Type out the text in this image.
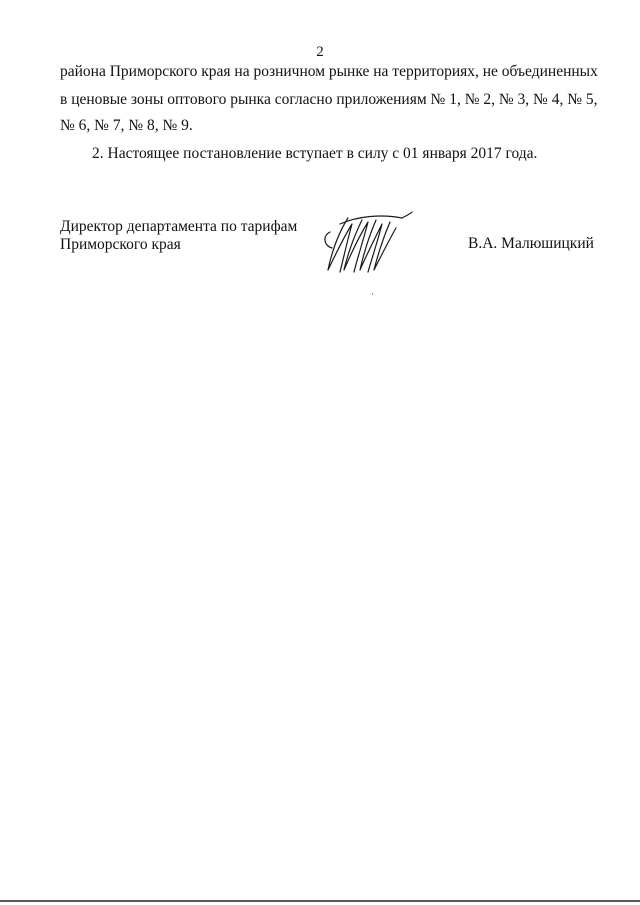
2
района Приморского края на розничном рынке на территориях, не объединенных
в ценовые зоны оптового рынка согласно приложениям № 1, № 2, № 3, № 4, № 5,
№ 6, № 7, № 8, № 9.
2. Настоящее постановление вступает в силу с 01 января 2017 года.
Директор департамента по тарифам
Приморского края	В.А. Малюшицкий
